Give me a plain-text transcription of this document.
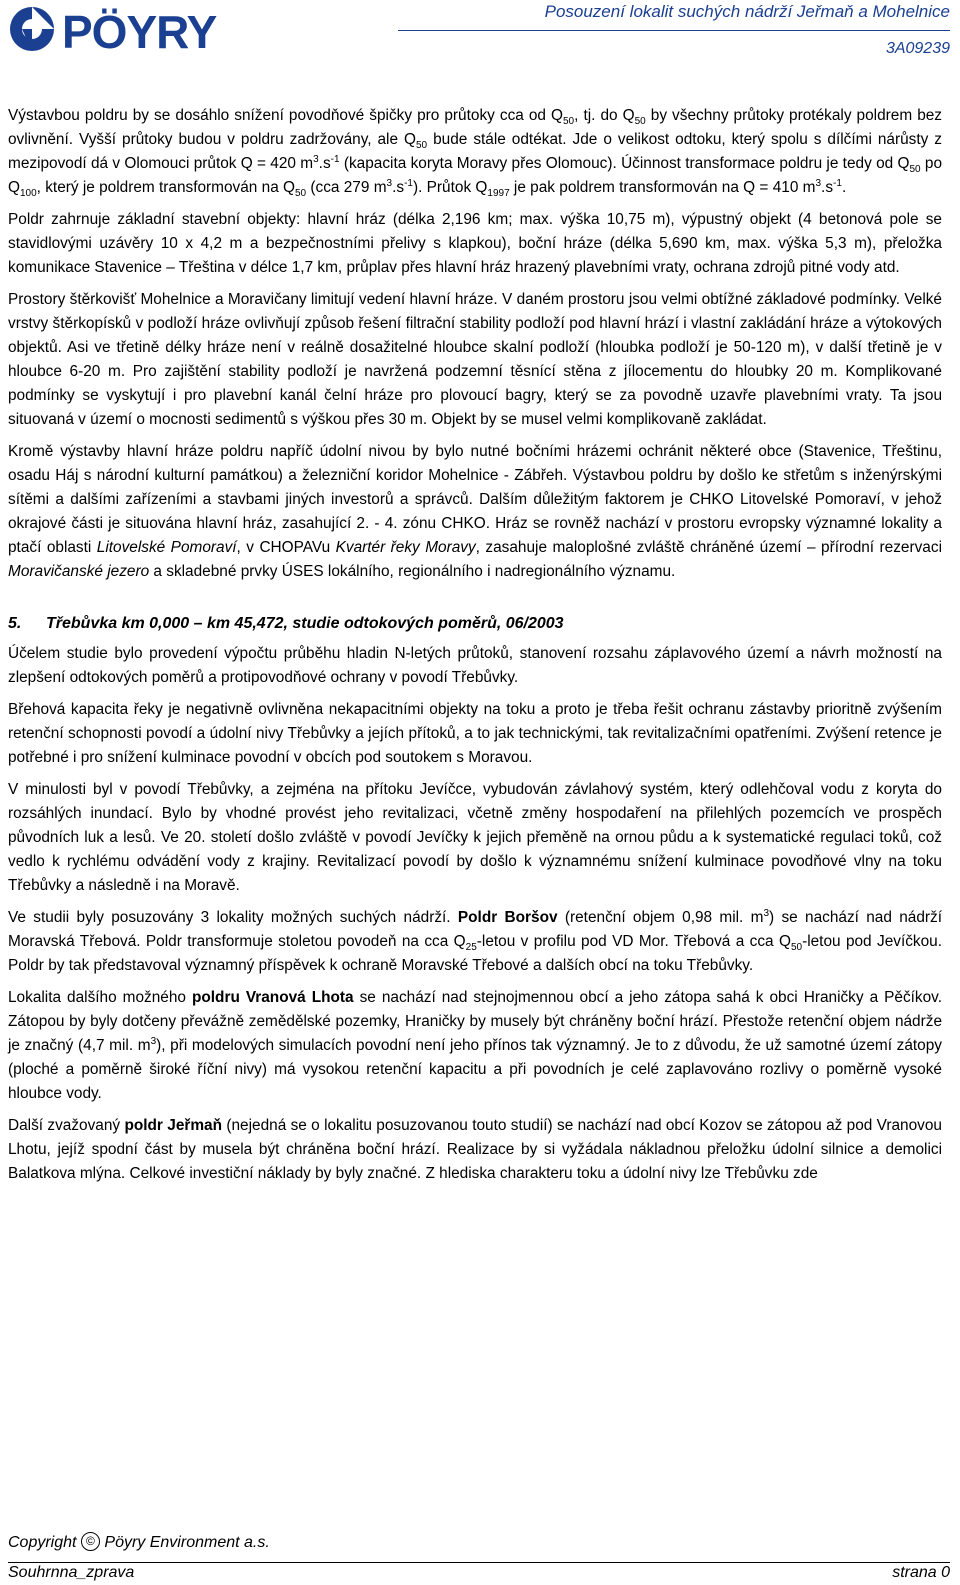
PÖYRY	Posouzení lokalit suchých nádrží Jeřmaň a Mohelnice
3A09239

Výstavbou poldru by se dosáhlo snížení povodňové špičky pro průtoky cca od $Q_{50}$, tj. do $Q_{50}$ by všechny průtoky protékaly poldrem bez ovlivnění. Vyšší průtoky budou v poldru zadržovány, ale $Q_{50}$ bude stále odtékat. Jde o velikost odtoku, který spolu s dílčími nárůsty z mezipovodí dá v Olomouci průtok Q = 420 $m^3.s^{-1}$ (kapacita koryta Moravy přes Olomouc). Účinnost transformace poldru je tedy od $Q_{50}$ po $Q_{100}$, který je poldrem transformován na $Q_{50}$ (cca 279 $m^3.s^{-1}$). Průtok $Q_{1997}$ je pak poldrem transformován na Q = 410 $m^3.s^{-1}$.

Poldr zahrnuje základní stavební objekty: hlavní hráz (délka 2,196 km; max. výška 10,75 m), výpustný objekt (4 betonová pole se stavidlovými uzávěry 10 x 4,2 m a bezpečnostními přelivy s klapkou), boční hráze (délka 5,690 km, max. výška 5,3 m), přeložka komunikace Stavenice – Třeština v délce 1,7 km, průplav přes hlavní hráz hrazený plavebními vraty, ochrana zdrojů pitné vody atd.

Prostory štěrkovišť Mohelnice a Moravičany limitují vedení hlavní hráze. V daném prostoru jsou velmi obtížné základové podmínky. Velké vrstvy štěrkopísků v podloží hráze ovlivňují způsob řešení filtrační stability podloží pod hlavní hrází i vlastní zakládání hráze a výtokových objektů. Asi ve třetině délky hráze není v reálně dosažitelné hloubce skalní podloží (hloubka podloží je 50-120 m), v další třetině je v hloubce 6-20 m. Pro zajištění stability podloží je navržená podzemní těsnící stěna z jílocementu do hloubky 20 m. Komplikované podmínky se vyskytují i pro plavební kanál čelní hráze pro plovoucí bagry, který se za povodně uzavře plavebními vraty. Ta jsou situovaná v území o mocnosti sedimentů s výškou přes 30 m. Objekt by se musel velmi komplikovaně zakládat.

Kromě výstavby hlavní hráze poldru napříč údolní nivou by bylo nutné bočními hrázemi ochránit některé obce (Stavenice, Třeštinu, osadu Háj s národní kulturní památkou) a železniční koridor Mohelnice - Zábřeh. Výstavbou poldru by došlo ke střetům s inženýrskými sítěmi a dalšími zařízeními a stavbami jiných investorů a správců. Dalším důležitým faktorem je CHKO Litovelské Pomoraví, v jehož okrajové části je situována hlavní hráz, zasahující 2. - 4. zónu CHKO. Hráz se rovněž nachází v prostoru evropsky významné lokality a ptačí oblasti Litovelské Pomoraví, v CHOPAVu Kvartér řeky Moravy, zasahuje maloplošné zvláště chráněné území – přírodní rezervaci Moravičanské jezero a skladebné prvky ÚSES lokálního, regionálního i nadregionálního významu.

5. Třebůvka km 0,000 – km 45,472, studie odtokových poměrů, 06/2003

Účelem studie bylo provedení výpočtu průběhu hladin N-letých průtoků, stanovení rozsahu záplavového území a návrh možností na zlepšení odtokových poměrů a protipovodňové ochrany v povodí Třebůvky.

Břehová kapacita řeky je negativně ovlivněna nekapacitními objekty na toku a proto je třeba řešit ochranu zástavby prioritně zvýšením retenční schopnosti povodí a údolní nivy Třebůvky a jejích přítoků, a to jak technickými, tak revitalizačními opatřeními. Zvýšení retence je potřebné i pro snížení kulminace povodní v obcích pod soutokem s Moravou.

V minulosti byl v povodí Třebůvky, a zejména na přítoku Jevíčce, vybudován závlahový systém, který odlehčoval vodu z koryta do rozsáhlých inundací. Bylo by vhodné provést jeho revitalizaci, včetně změny hospodaření na přilehlých pozemcích ve prospěch původních luk a lesů. Ve 20. století došlo zvláště v povodí Jevíčky k jejich přeměně na ornou půdu a k systematické regulaci toků, což vedlo k rychlému odvádění vody z krajiny. Revitalizací povodí by došlo k významnému snížení kulminace povodňové vlny na toku Třebůvky a následně i na Moravě.

Ve studii byly posuzovány 3 lokality možných suchých nádrží. Poldr Boršov (retenční objem 0,98 mil. $m^3$) se nachází nad nádrží Moravská Třebová. Poldr transformuje stoletou povodeň na cca $Q_{25}$-letou v profilu pod VD Mor. Třebová a cca $Q_{50}$-letou pod Jevíčkou. Poldr by tak představoval významný příspěvek k ochraně Moravské Třebové a dalších obcí na toku Třebůvky.

Lokalita dalšího možného poldru Vranová Lhota se nachází nad stejnojmennou obcí a jeho zátopa sahá k obci Hraničky a Pěčíkov. Zátopou by byly dotčeny převážně zemědělské pozemky, Hraničky by musely být chráněny boční hrází. Přestože retenční objem nádrže je značný (4,7 mil. $m^3$), při modelových simulacích povodní není jeho přínos tak významný. Je to z důvodu, že už samotné území zátopy (ploché a poměrně široké říční nivy) má vysokou retenční kapacitu a při povodních je celé zaplavováno rozlivy o poměrně vysoké hloubce vody.

Další zvažovaný poldr Jeřmaň (nejedná se o lokalitu posuzovanou touto studií) se nachází nad obcí Kozov se zátopou až pod Vranovou Lhotu, jejíž spodní část by musela být chráněna boční hrází. Realizace by si vyžádala nákladnou přeložku údolní silnice a demolici Balatkova mlýna. Celkové investiční náklady by byly značné. Z hlediska charakteru toku a údolní nivy lze Třebůvku zde

Copyright © Pöyry Environment a.s.
Souhrnna_zprava	strana 0
